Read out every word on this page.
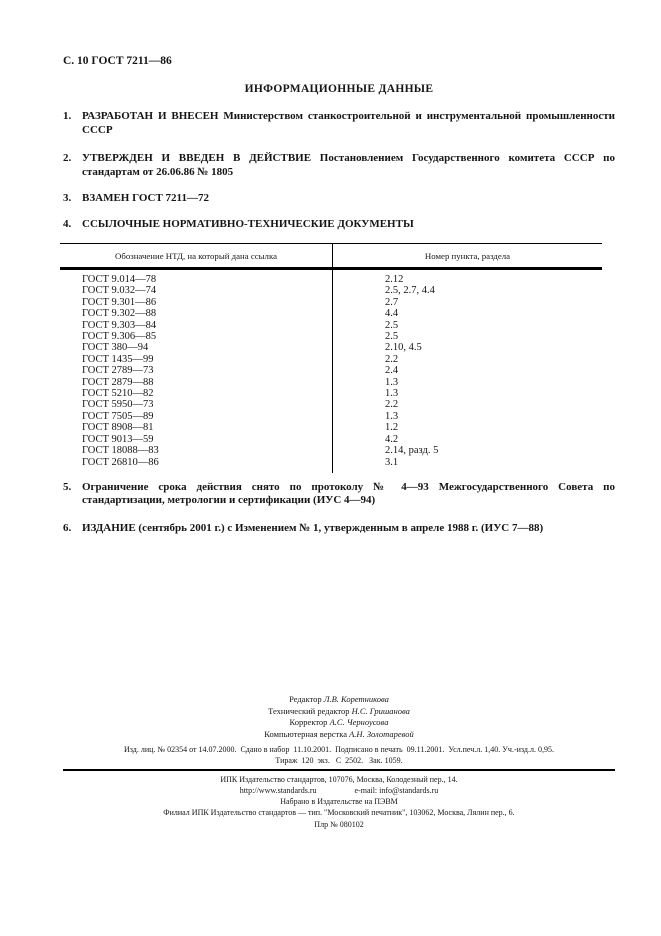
С. 10 ГОСТ 7211—86
ИНФОРМАЦИОННЫЕ ДАННЫЕ
1. РАЗРАБОТАН И ВНЕСЕН Министерством станкостроительной и инструментальной промышленности СССР
2. УТВЕРЖДЕН И ВВЕДЕН В ДЕЙСТВИЕ Постановлением Государственного комитета СССР по стандартам от 26.06.86 № 1805
3. ВЗАМЕН ГОСТ 7211—72
4. ССЫЛОЧНЫЕ НОРМАТИВНО-ТЕХНИЧЕСКИЕ ДОКУМЕНТЫ
Обозначение НТД, на который дана ссылка	Номер пункта, раздела
ГОСТ 9.014—78	2.12
ГОСТ 9.032—74	2.5, 2.7, 4.4
ГОСТ 9.301—86	2.7
ГОСТ 9.302—88	4.4
ГОСТ 9.303—84	2.5
ГОСТ 9.306—85	2.5
ГОСТ 380—94	2.10, 4.5
ГОСТ 1435—99	2.2
ГОСТ 2789—73	2.4
ГОСТ 2879—88	1.3
ГОСТ 5210—82	1.3
ГОСТ 5950—73	2.2
ГОСТ 7505—89	1.3
ГОСТ 8908—81	1.2
ГОСТ 9013—59	4.2
ГОСТ 18088—83	2.14, разд. 5
ГОСТ 26810—86	3.1
5. Ограничение срока действия снято по протоколу № 4—93 Межгосударственного Совета по стандартизации, метрологии и сертификации (ИУС 4—94)
6. ИЗДАНИЕ (сентябрь 2001 г.) с Изменением № 1, утвержденным в апреле 1988 г. (ИУС 7—88)
Редактор Л.В. Коретникова
Технический редактор Н.С. Гришанова
Корректор А.С. Черноусова
Компьютерная верстка А.Н. Золотаревой
Изд. лиц. № 02354 от 14.07.2000.  Сдано в набор  11.10.2001.  Подписано в печать  09.11.2001.  Усл.печ.л. 1,40. Уч.-изд.л. 0,95.
Тираж  120  экз.   С  2502.   Зак. 1059.
ИПК Издательство стандартов, 107076, Москва, Колодезный пер., 14.
http://www.standards.ru	e-mail: info@standards.ru
Набрано в Издательстве на ПЭВМ
Филиал ИПК Издательство стандартов — тип. "Московский печатник", 103062, Москва, Лялин пер., 6.
Плр № 080102
